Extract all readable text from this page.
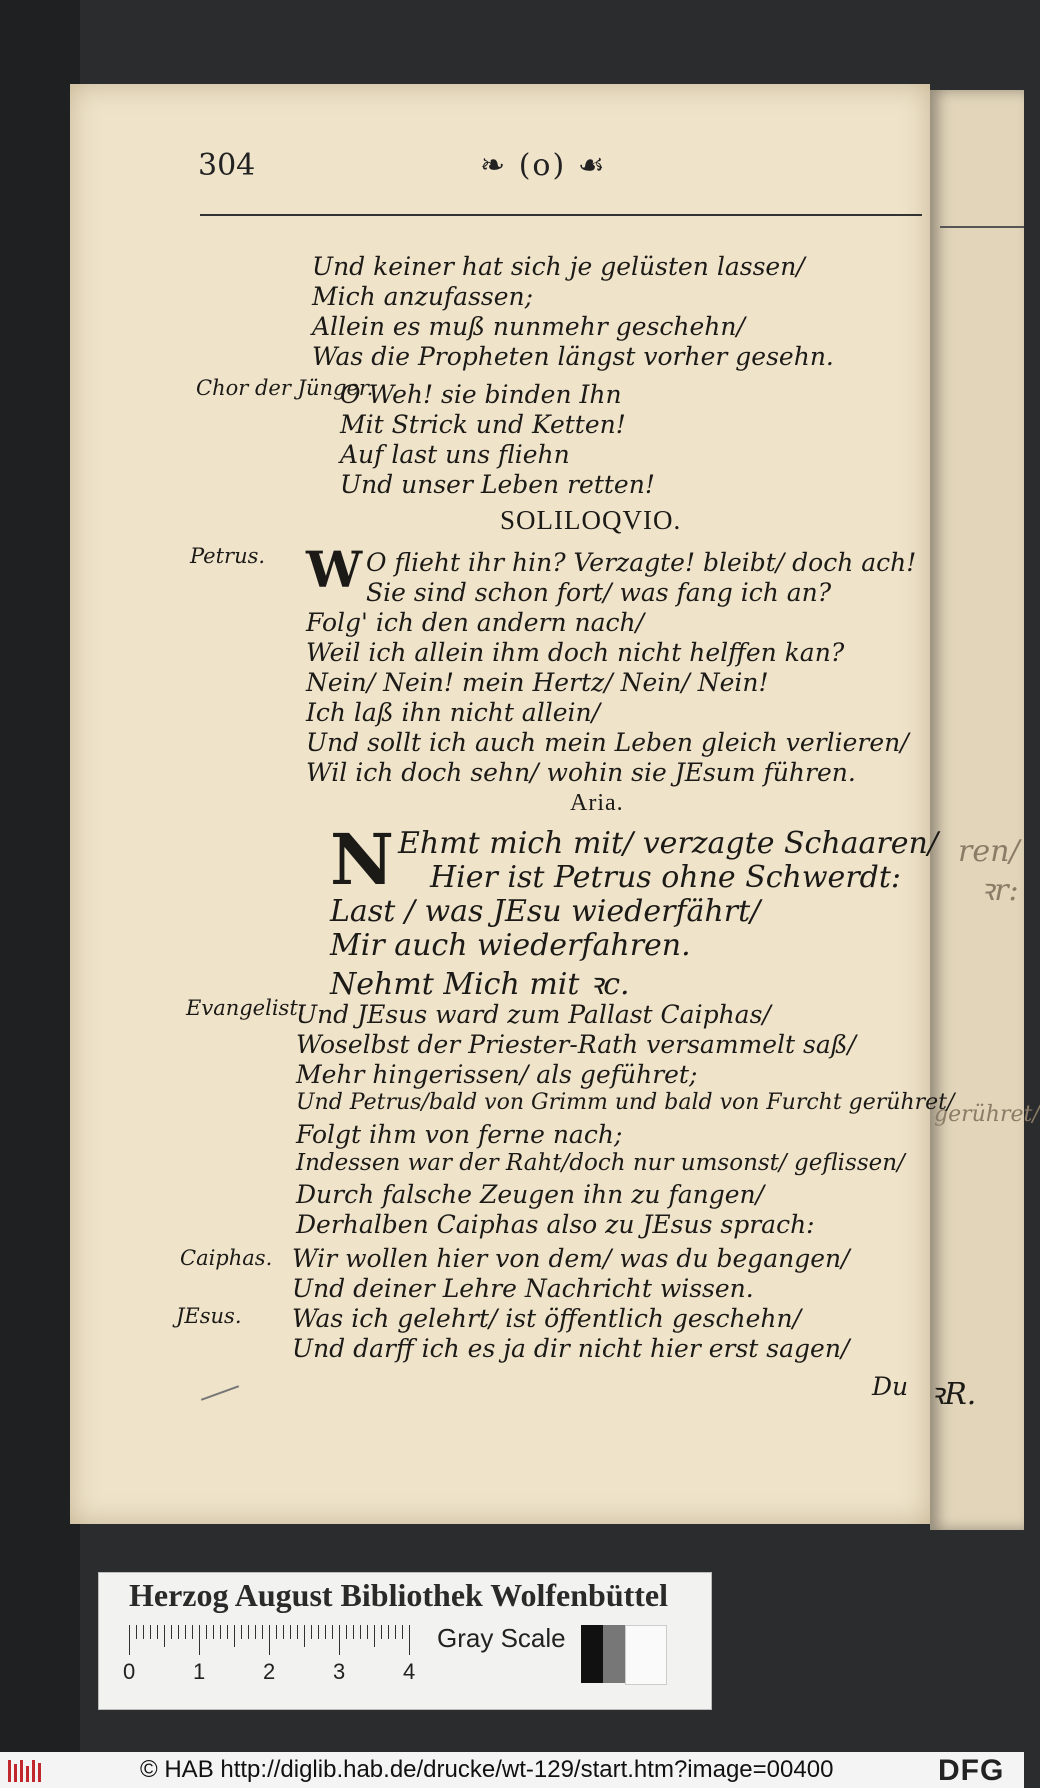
ren/
ꝛr:
gerühret/
ꝛR.
304	❧ (o) ☙
Und keiner hat sich je gelüsten lassen/
Mich anzufassen;
Allein es muß nunmehr geschehn/
Was die Propheten längst vorher gesehn.
Chor der Jünger.
O Weh! sie binden Ihn
Mit Strick und Ketten!
Auf last uns fliehn
Und unser Leben retten!
SOLILOQVIO.
Petrus. W O flieht ihr hin? Verzagte! bleibt/ doch ach!
Sie sind schon fort/ was fang ich an?
Folg' ich den andern nach/
Weil ich allein ihm doch nicht helffen kan?
Nein/ Nein! mein Hertz/ Nein/ Nein!
Ich laß ihn nicht allein/
Und sollt ich auch mein Leben gleich verlieren/
Wil ich doch sehn/ wohin sie JEsum führen.
Aria.
N Ehmt mich mit/ verzagte Schaaren/
Hier ist Petrus ohne Schwerdt:
Last / was JEsu wiederfährt/
Mir auch wiederfahren.
Nehmt Mich mit ꝛc.
Evangelist.
Und JEsus ward zum Pallast Caiphas/
Woselbst der Priester-Rath versammelt saß/
Mehr hingerissen/ als geführet;
Und Petrus/bald von Grimm und bald von Furcht gerühret/
Folgt ihm von ferne nach;
Indessen war der Raht/doch nur umsonst/ geflissen/
Durch falsche Zeugen ihn zu fangen/
Derhalben Caiphas also zu JEsus sprach:
Caiphas. Wir wollen hier von dem/ was du begangen/
Und deiner Lehre Nachricht wissen.
JEsus. Was ich gelehrt/ ist öffentlich geschehn/
Und darff ich es ja dir nicht hier erst sagen/
Du
Herzog August Bibliothek Wolfenbüttel
0	1	2	3	4
Gray Scale
© HAB http://diglib.hab.de/drucke/wt-129/start.htm?image=00400	DFG
